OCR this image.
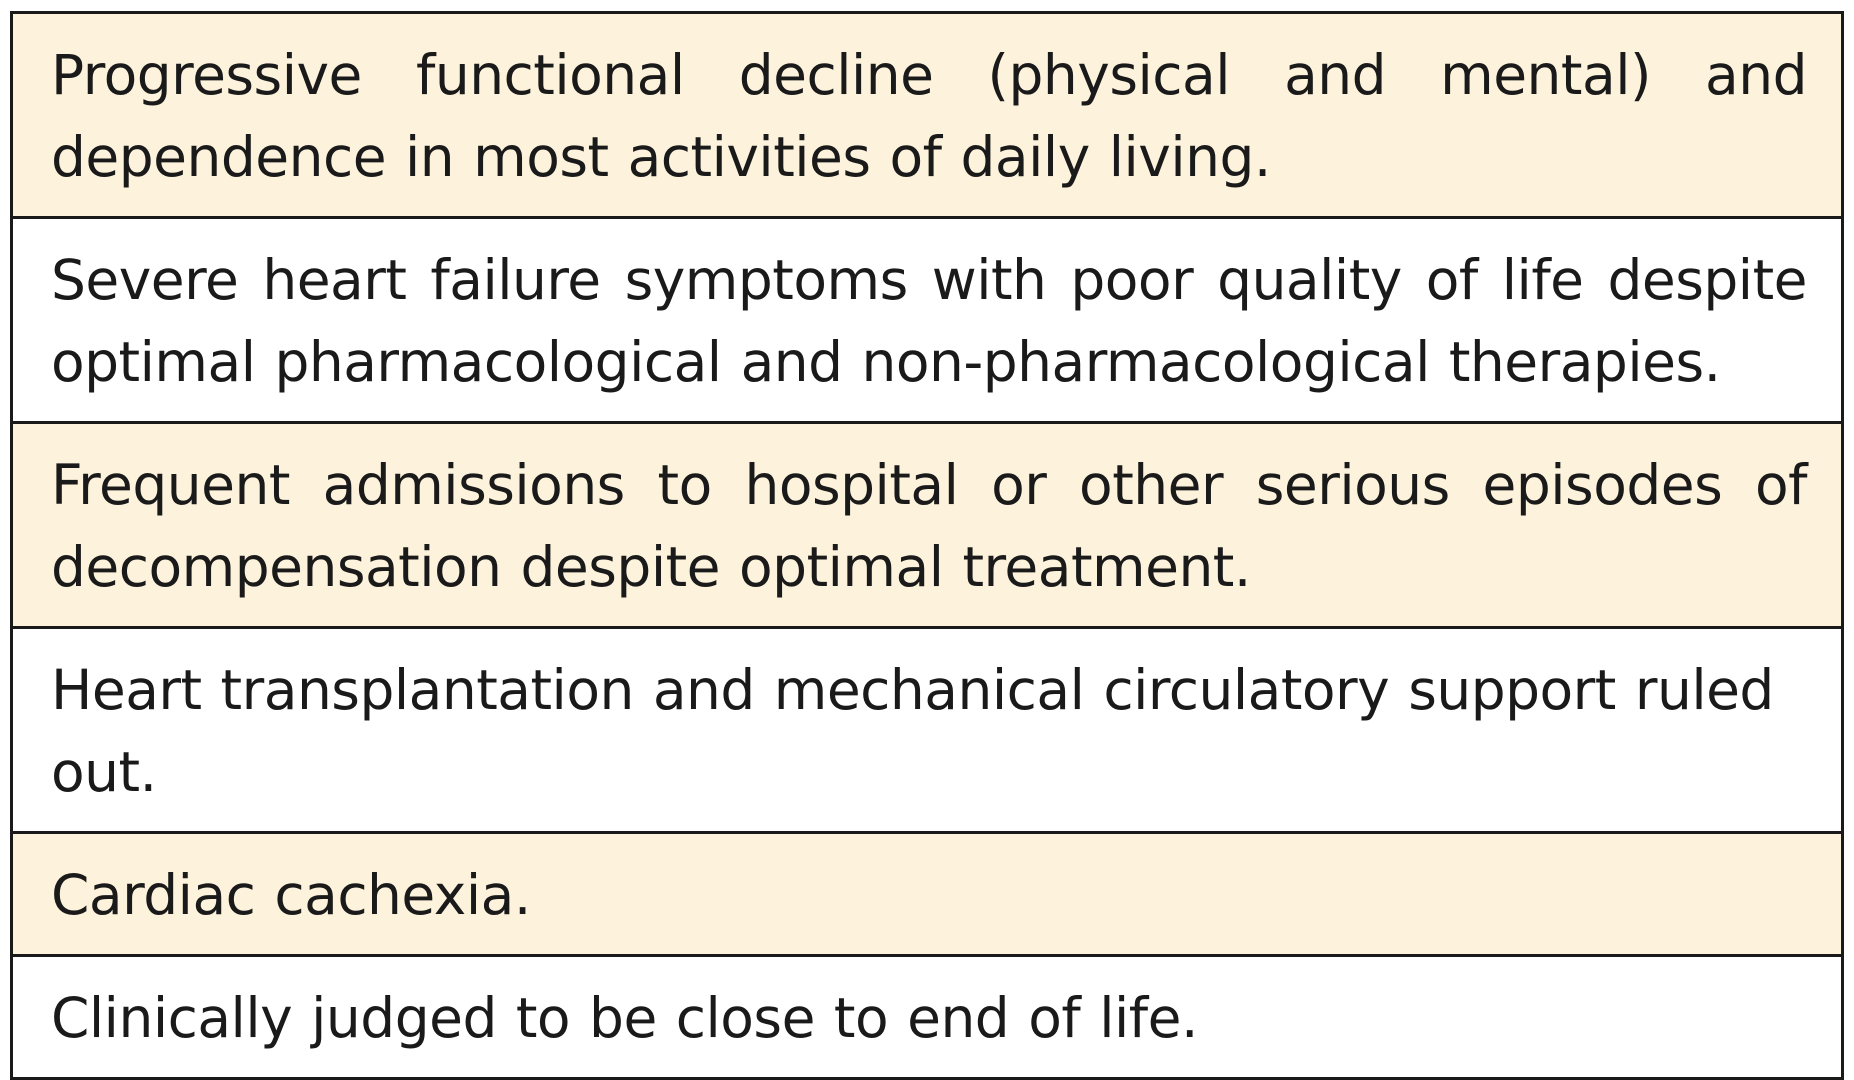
Progressive functional decline (physical and mental) and dependence in most activities of daily living.
Severe heart failure symptoms with poor quality of life despite optimal pharmacological and non-pharmacological therapies.
Frequent admissions to hospital or other serious episodes of decompensation despite optimal treatment.
Heart transplantation and mechanical circulatory support ruled out.
Cardiac cachexia.
Clinically judged to be close to end of life.
